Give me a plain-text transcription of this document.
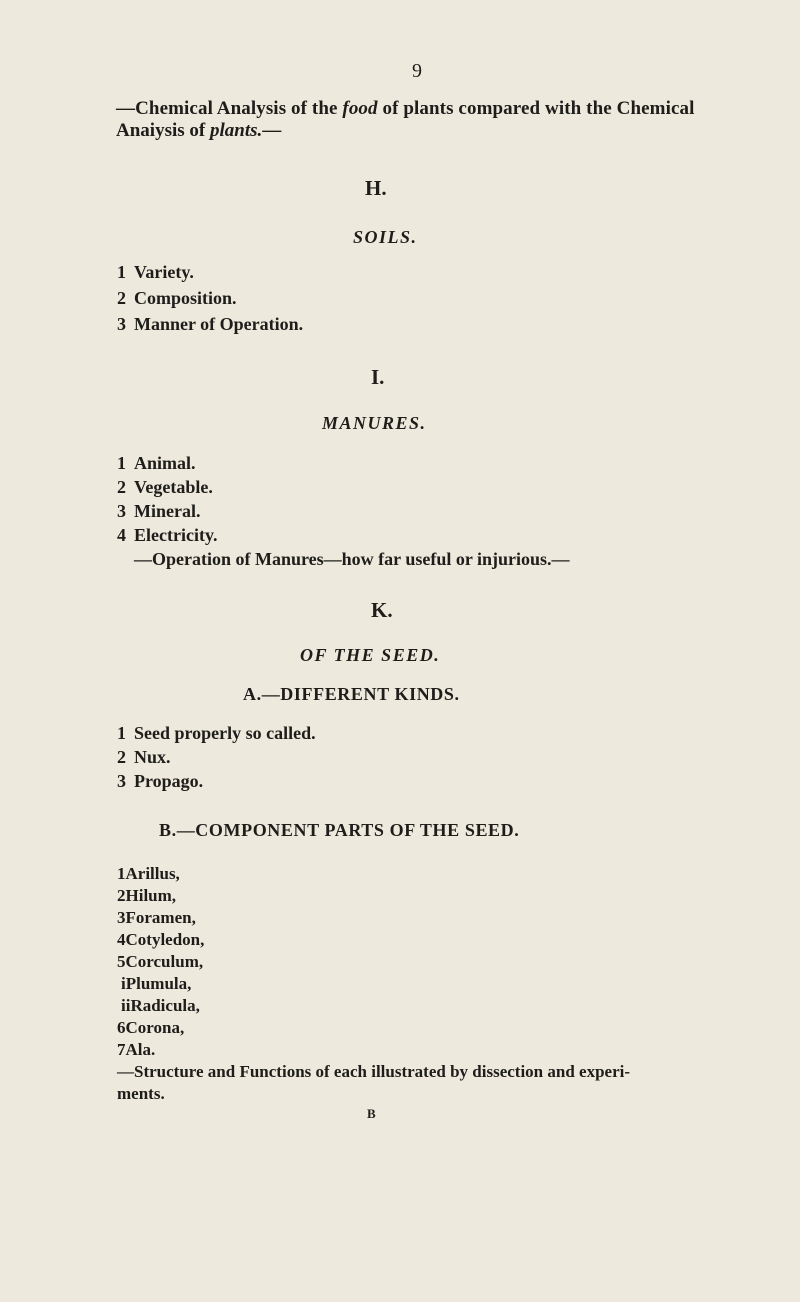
9
—Chemical Analysis of the food of plants compared with the Chemical
Anaiysis of plants.—
H.
SOILS.
1 Variety.
2 Composition.
3 Manner of Operation.
I.
MANURES.
1 Animal.
2 Vegetable.
3 Mineral.
4 Electricity.
—Operation of Manures—how far useful or injurious.—
K.
OF THE SEED.
A.—DIFFERENT KINDS.
1 Seed properly so called.
2 Nux.
3 Propago.
B.—COMPONENT PARTS OF THE SEED.
1Arillus,
2Hilum,
3Foramen,
4Cotyledon,
5Corculum,
iPlumula,
iiRadicula,
6Corona,
7Ala.
—Structure and Functions of each illustrated by dissection and experi-
ments.
B
